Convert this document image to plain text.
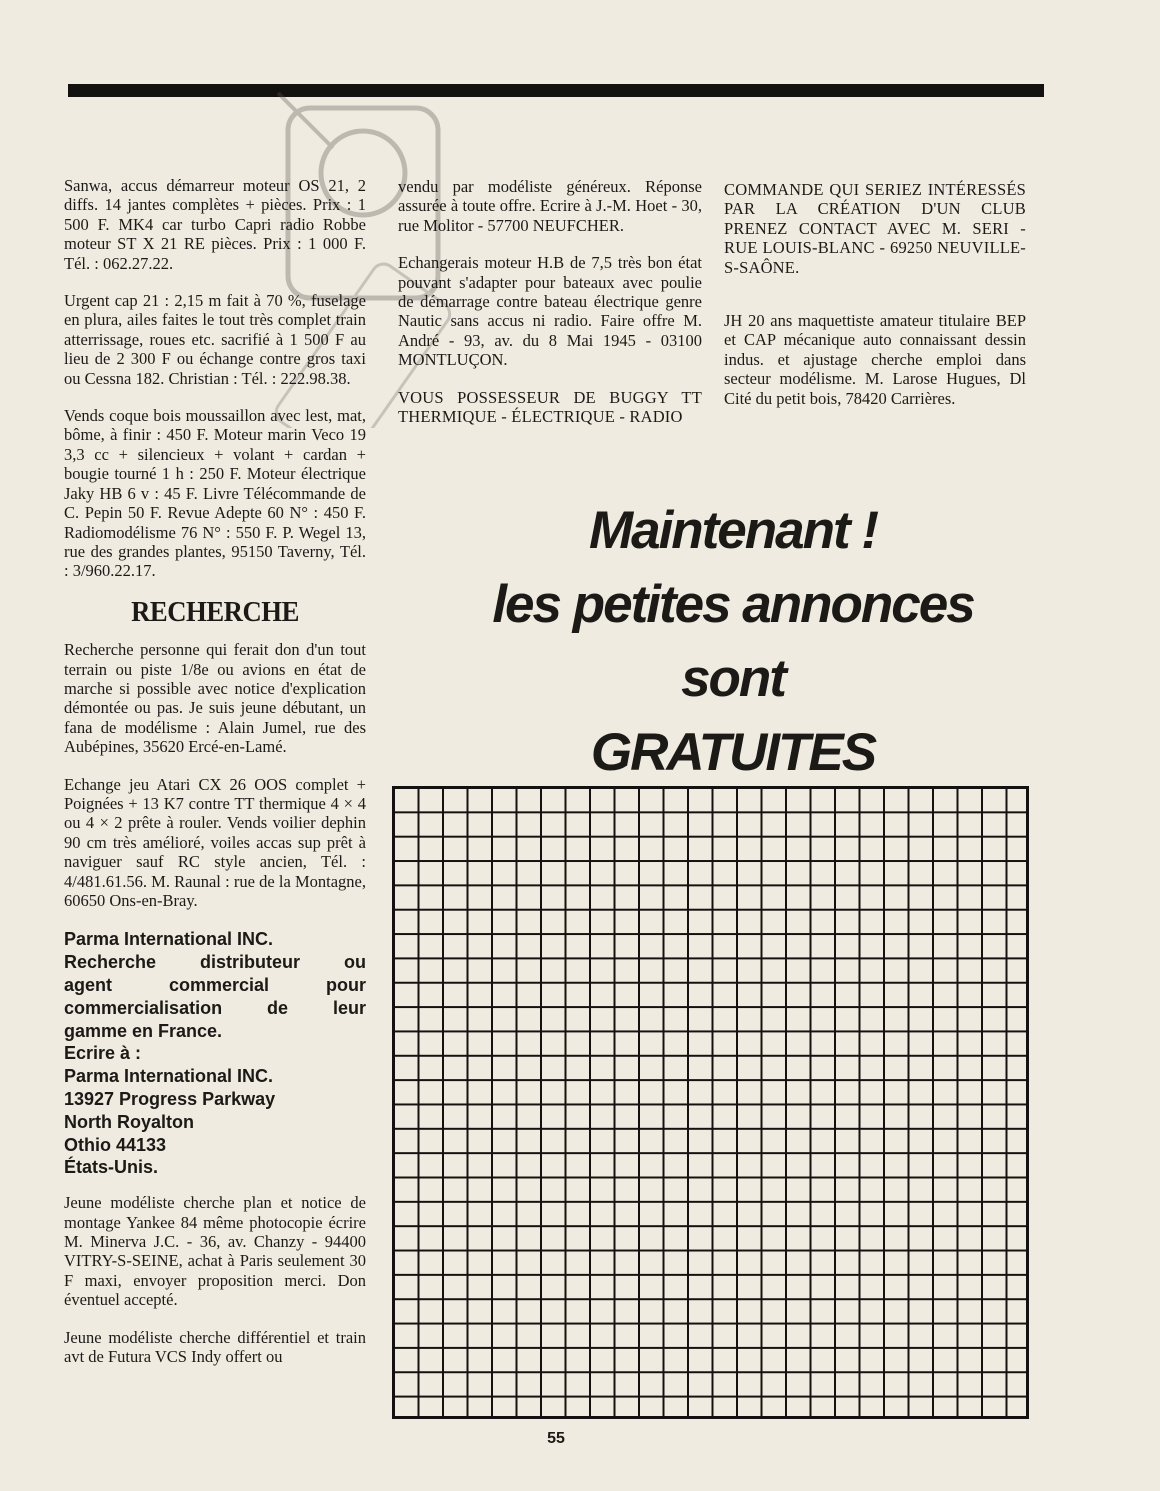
Sanwa, accus démarreur moteur OS 21, 2 diffs. 14 jantes complètes + pièces. Prix : 1 500 F. MK4 car turbo Capri radio Robbe moteur ST X 21 RE pièces. Prix : 1 000 F. Tél. : 062.27.22.

Urgent cap 21 : 2,15 m fait à 70 %, fuselage en plura, ailes faites le tout très complet train atterrissage, roues etc. sacrifié à 1 500 F au lieu de 2 300 F ou échange contre gros taxi ou Cessna 182. Christian : Tél. : 222.98.38.

Vends coque bois moussaillon avec lest, mat, bôme, à finir : 450 F. Moteur marin Veco 19 3,3 cc + silencieux + volant + cardan + bougie tourné 1 h : 250 F. Moteur électrique Jaky HB 6 v : 45 F. Livre Télécommande de C. Pepin 50 F. Revue Adepte 60 N° : 450 F. Radiomodélisme 76 N° : 550 F. P. Wegel 13, rue des grandes plantes, 95150 Taverny, Tél. : 3/960.22.17.

RECHERCHE

Recherche personne qui ferait don d'un tout terrain ou piste 1/8e ou avions en état de marche si possible avec notice d'explication démontée ou pas. Je suis jeune débutant, un fana de modélisme : Alain Jumel, rue des Aubépines, 35620 Ercé-en-Lamé.

Echange jeu Atari CX 26 OOS complet + Poignées + 13 K7 contre TT thermique 4 × 4 ou 4 × 2 prête à rouler. Vends voilier dephin 90 cm très amélioré, voiles accas sup prêt à naviguer sauf RC style ancien, Tél. : 4/481.61.56. M. Raunal : rue de la Montagne, 60650 Ons-en-Bray.

Parma International INC.
Recherche distributeur ou
agent commercial pour
commercialisation de leur
gamme en France.
Ecrire à :
Parma International INC.
13927 Progress Parkway
North Royalton
Othio 44133
États-Unis.

Jeune modéliste cherche plan et notice de montage Yankee 84 même photocopie écrire M. Minerva J.C. - 36, av. Chanzy - 94400 VITRY-S-SEINE, achat à Paris seulement 30 F maxi, envoyer proposition merci. Don éventuel accepté.

Jeune modéliste cherche différentiel et train avt de Futura VCS Indy offert ou

vendu par modéliste généreux. Réponse assurée à toute offre. Ecrire à J.-M. Hoet - 30, rue Molitor - 57700 NEUFCHER.

Echangerais moteur H.B de 7,5 très bon état pouvant s'adapter pour bateaux avec poulie de démarrage contre bateau électrique genre Nautic sans accus ni radio. Faire offre M. André - 93, av. du 8 Mai 1945 - 03100 MONTLUÇON.

VOUS POSSESSEUR DE BUGGY TT THERMIQUE - ÉLECTRIQUE - RADIO

COMMANDE QUI SERIEZ INTÉRESSÉS PAR LA CRÉATION D'UN CLUB PRENEZ CONTACT AVEC M. SERI - RUE LOUIS-BLANC - 69250 NEUVILLE-S-SAÔNE.

JH 20 ans maquettiste amateur titulaire BEP et CAP mécanique auto connaissant dessin indus. et ajustage cherche emploi dans secteur modélisme. M. Larose Hugues, Dl Cité du petit bois, 78420 Carrières.

Maintenant !
les petites annonces
sont
GRATUITES
55
